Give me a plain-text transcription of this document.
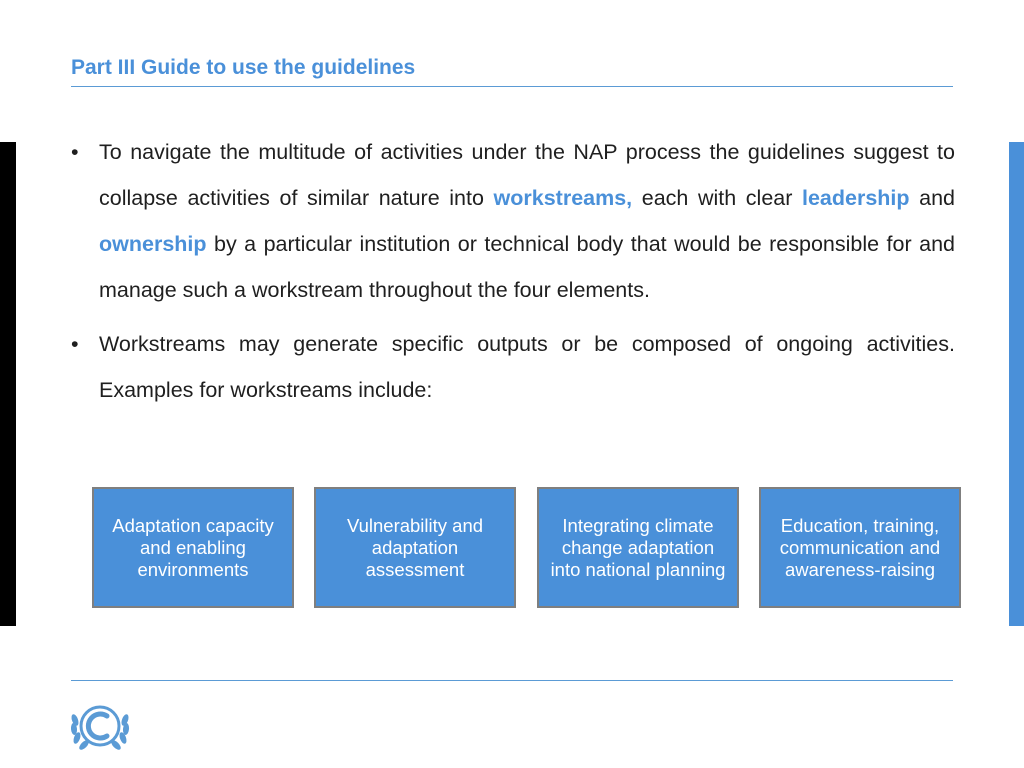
Part III Guide to use the guidelines
• To navigate the multitude of activities under the NAP process the guidelines suggest to collapse activities of similar nature into workstreams, each with clear leadership and ownership by a particular institution or technical body that would be responsible for and manage such a workstream throughout the four elements.
• Workstreams may generate specific outputs or be composed of ongoing activities. Examples for workstreams include:
Adaptation capacity and enabling environments
Vulnerability and adaptation assessment
Integrating climate change adaptation into national planning
Education, training, communication and awareness-raising
